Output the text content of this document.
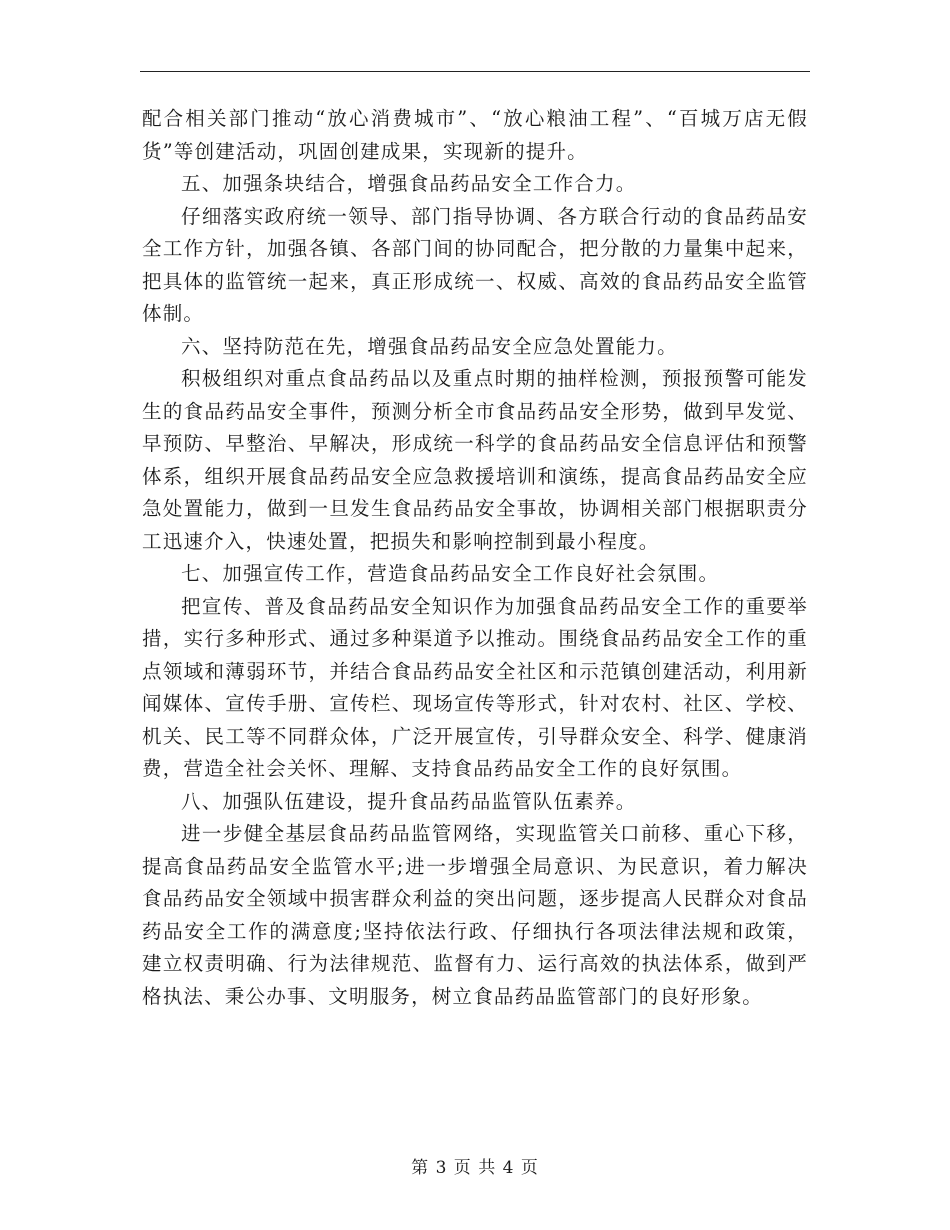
配合相关部门推动“放心消费城市”、“放心粮油工程”、“百城万店无假货”等创建活动，巩固创建成果，实现新的提升。

五、加强条块结合，增强食品药品安全工作合力。

仔细落实政府统一领导、部门指导协调、各方联合行动的食品药品安全工作方针，加强各镇、各部门间的协同配合，把分散的力量集中起来，把具体的监管统一起来，真正形成统一、权威、高效的食品药品安全监管体制。

六、坚持防范在先，增强食品药品安全应急处置能力。

积极组织对重点食品药品以及重点时期的抽样检测，预报预警可能发生的食品药品安全事件，预测分析全市食品药品安全形势，做到早发觉、早预防、早整治、早解决，形成统一科学的食品药品安全信息评估和预警体系，组织开展食品药品安全应急救援培训和演练，提高食品药品安全应急处置能力，做到一旦发生食品药品安全事故，协调相关部门根据职责分工迅速介入，快速处置，把损失和影响控制到最小程度。

七、加强宣传工作，营造食品药品安全工作良好社会氛围。

把宣传、普及食品药品安全知识作为加强食品药品安全工作的重要举措，实行多种形式、通过多种渠道予以推动。围绕食品药品安全工作的重点领域和薄弱环节，并结合食品药品安全社区和示范镇创建活动，利用新闻媒体、宣传手册、宣传栏、现场宣传等形式，针对农村、社区、学校、机关、民工等不同群众体，广泛开展宣传，引导群众安全、科学、健康消费，营造全社会关怀、理解、支持食品药品安全工作的良好氛围。

八、加强队伍建设，提升食品药品监管队伍素养。

进一步健全基层食品药品监管网络，实现监管关口前移、重心下移，提高食品药品安全监管水平;进一步增强全局意识、为民意识，着力解决食品药品安全领域中损害群众利益的突出问题，逐步提高人民群众对食品药品安全工作的满意度;坚持依法行政、仔细执行各项法律法规和政策，建立权责明确、行为法律规范、监督有力、运行高效的执法体系，做到严格执法、秉公办事、文明服务，树立食品药品监管部门的良好形象。

第 3 页 共 4 页
